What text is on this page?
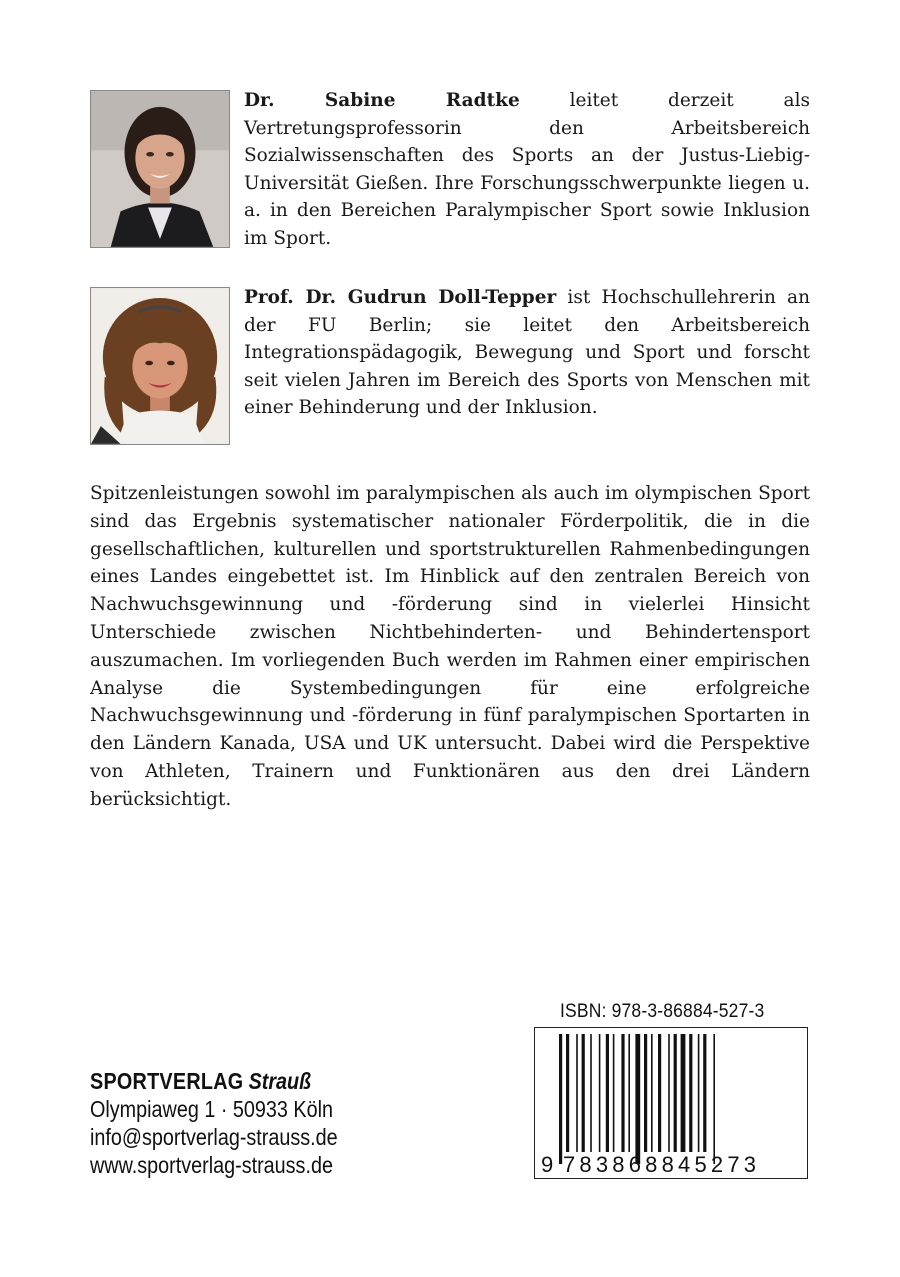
Dr. Sabine Radtke leitet derzeit als Vertretungsprofessorin den Arbeitsbereich Sozialwissenschaften des Sports an der Justus-Liebig-Universität Gießen. Ihre Forschungsschwerpunkte liegen u. a. in den Bereichen Paralympischer Sport sowie Inklusion im Sport.

Prof. Dr. Gudrun Doll-Tepper ist Hochschullehrerin an der FU Berlin; sie leitet den Arbeitsbereich Integrationspädagogik, Bewegung und Sport und forscht seit vielen Jahren im Bereich des Sports von Menschen mit einer Behinderung und der Inklusion.

Spitzenleistungen sowohl im paralympischen als auch im olympischen Sport sind das Ergebnis systematischer nationaler Förderpolitik, die in die gesellschaftlichen, kulturellen und sportstrukturellen Rahmenbedingungen eines Landes eingebettet ist. Im Hinblick auf den zentralen Bereich von Nachwuchsgewinnung und -förderung sind in vielerlei Hinsicht Unterschiede zwischen Nichtbehinderten- und Behindertensport auszumachen. Im vorliegenden Buch werden im Rahmen einer empirischen Analyse die Systembedingungen für eine erfolgreiche Nachwuchsgewinnung und -förderung in fünf paralympischen Sportarten in den Ländern Kanada, USA und UK untersucht. Dabei wird die Perspektive von Athleten, Trainern und Funktionären aus den drei Ländern berücksichtigt.

SPORTVERLAG Strauß
Olympiaweg 1 · 50933 Köln
info@sportverlag-strauss.de
www.sportverlag-strauss.de
ISBN: 978-3-86884-527-3
9 783868845273
